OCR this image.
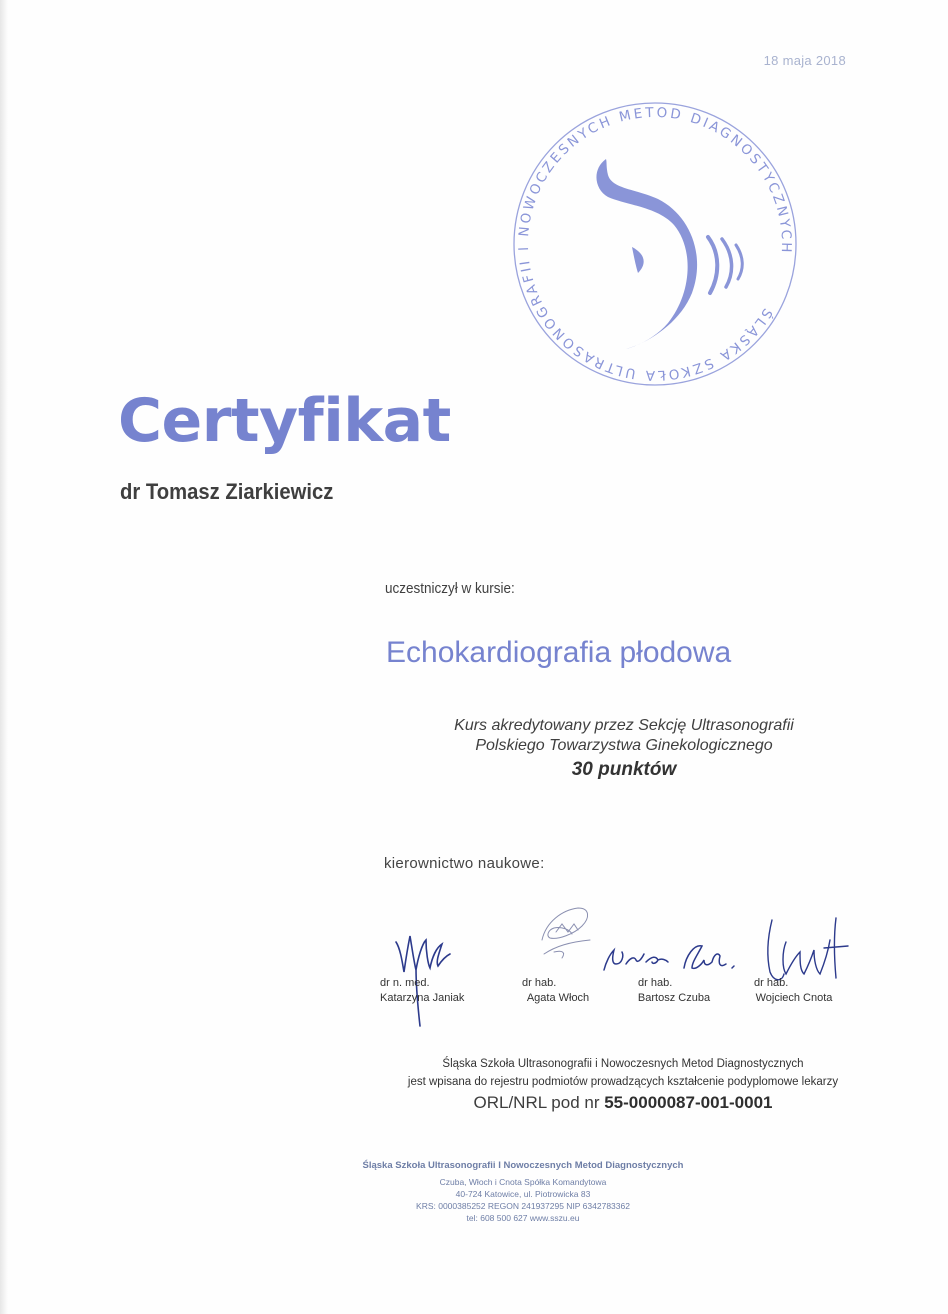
18 maja 2018
ŚLĄSKA SZKOŁA ULTRASONOGRAFII I NOWOCZESNYCH METOD DIAGNOSTYCZNYCH
Certyfikat
dr Tomasz Ziarkiewicz
uczestniczył w kursie:
Echokardiografia płodowa
Kurs akredytowany przez Sekcję Ultrasonografii
Polskiego Towarzystwa Ginekologicznego
30 punktów
kierownictwo naukowe:
dr n. med.
Katarzyna Janiak
dr hab.
Agata Włoch
dr hab.
Bartosz Czuba
dr hab.
Wojciech Cnota
Śląska Szkoła Ultrasonografii i Nowoczesnych Metod Diagnostycznych
jest wpisana do rejestru podmiotów prowadzących kształcenie podyplomowe lekarzy
ORL/NRL pod nr 55-0000087-001-0001
Śląska Szkoła Ultrasonografii I Nowoczesnych Metod Diagnostycznych
Czuba, Włoch i Cnota Spółka Komandytowa
40-724 Katowice, ul. Piotrowicka 83
KRS: 0000385252 REGON 241937295 NIP 6342783362
tel: 608 500 627 www.sszu.eu
